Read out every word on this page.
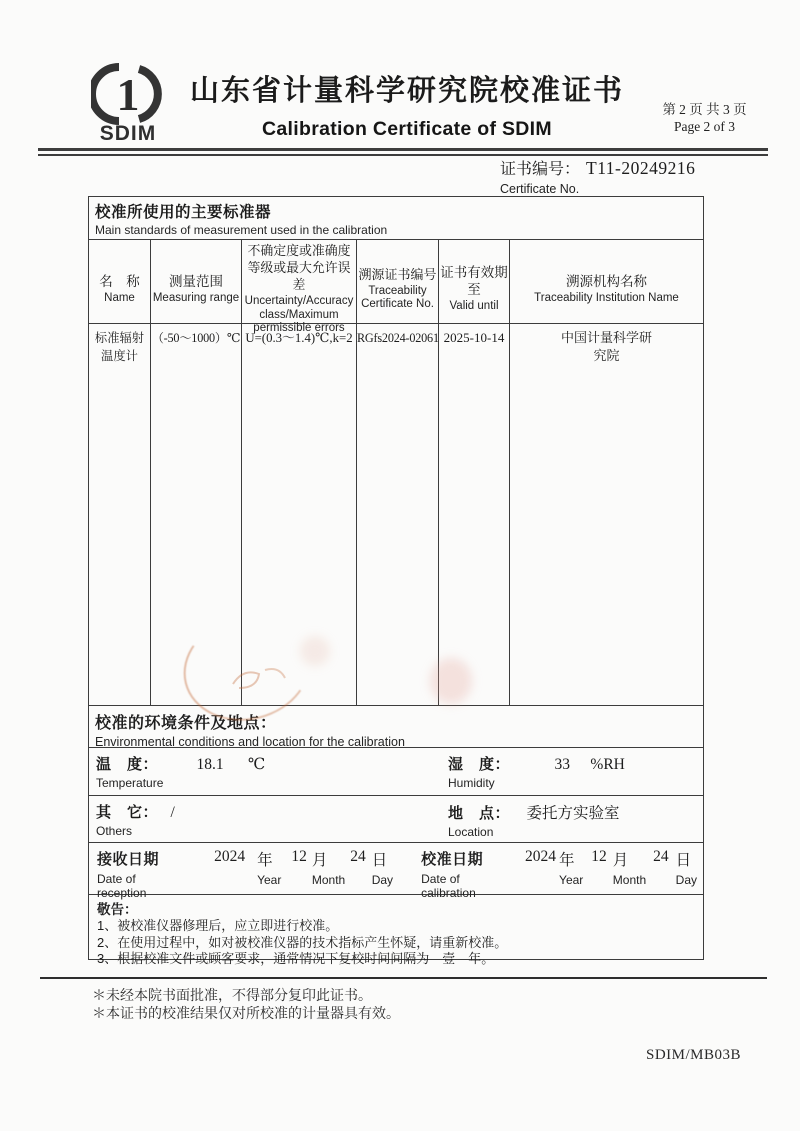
1
SDIM
山东省计量科学研究院校准证书
Calibration Certificate of SDIM
第 2 页 共 3 页
Page 2 of 3
证书编号： T11-20249216
Certificate No.
校准所使用的主要标准器
Main standards of measurement used in the calibration
名　称
Name
测量范围
Measuring range
不确定度或准确度等级或最大允许误差
Uncertainty/Accuracy class/Maximum permissible errors
溯源证书编号
Traceability Certificate No.
证书有效期至
Valid until
溯源机构名称
Traceability Institution Name
标准辐射温度计
（-50～1000）℃ U=(0.3～1.4)℃,k=2 RGfs2024-02061 2025-10-14	中国计量科学研究院
校准的环境条件及地点：
Environmental conditions and location for the calibration
温　度： 18.1 ℃
Temperature
湿　度：	33 %RH
Humidity
其　它： /
Others
地　点： 委托方实验室
Location
接收日期
Date of reception
2024 年
Year
12 月
Month
24 日
Day
校准日期
Date of calibration
2024 年
Year
12 月
Month
24 日
Day
敬告：
1、被校准仪器修理后，应立即进行校准。
2、在使用过程中，如对被校准仪器的技术指标产生怀疑，请重新校准。
3、根据校准文件或顾客要求，通常情况下复校时间间隔为　壹　年。
＊未经本院书面批准，不得部分复印此证书。
＊本证书的校准结果仅对所校准的计量器具有效。
SDIM/MB03B
